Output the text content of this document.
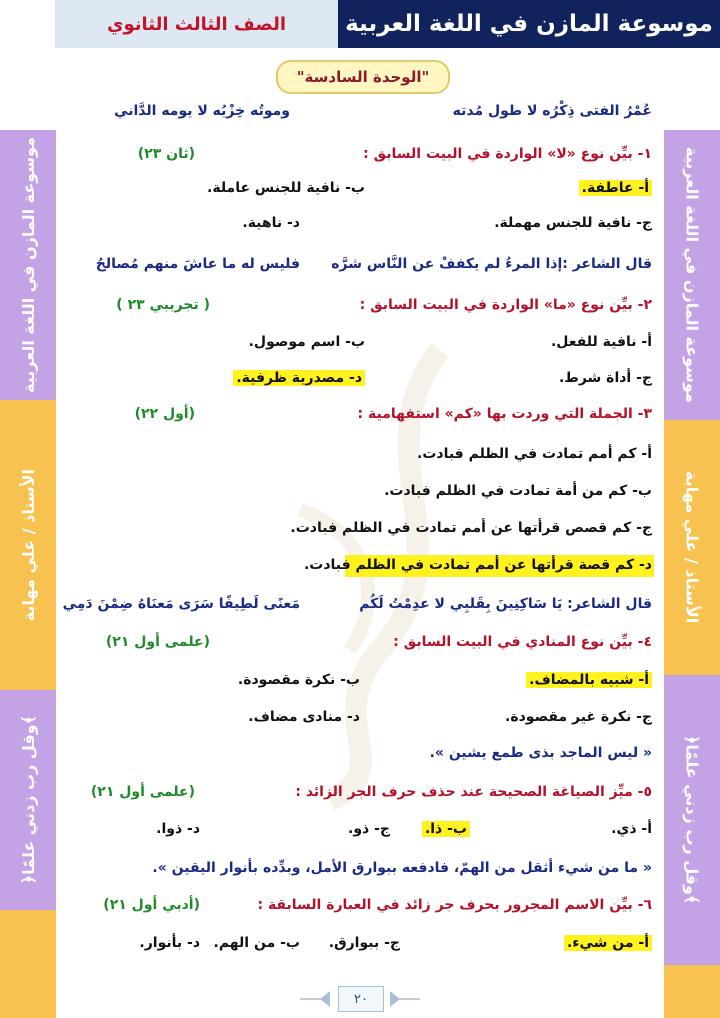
موسوعة المازن في اللغة العربية
الصف الثالث الثانوي
موسوعة المازن في اللغة العربية
الأستاذ / علي مهابة
﴿وقل رب زدني علمًا﴾
موسوعة المازن في اللغة العربية
الأستاذ / علي مهابة
﴿وقل رب زدني علمًا﴾
"الوحدة السادسة"
عُمْرُ الفتى ذِكْرُه لا طول مُدته
وموتُه خِزْيُه لا يومه الدَّاني
١- بيِّن نوع «لا» الواردة في البيت السابق :
(ثان ٢٣)
أ- عاطفة.
ب- نافية للجنس عاملة.
ج- نافية للجنس مهملة.
د- ناهية.
قال الشاعر :إذا المرءُ لم يكففْ عن النَّاس شرَّه
فليس له ما عاشَ منهم مُصالحُ
٢- بيِّن نوع «ما» الواردة في البيت السابق :
( تجريبي ٢٣ )
أ- نافية للفعل.
ب- اسم موصول.
ج- أداة شرط.
د- مصدرية ظرفية.
٣- الجملة التي وردت بها «كم» استفهامية :
(أول ٢٢)
أ- كم أمم تمادت في الظلم فبادت.
ب- كم من أمة تمادت في الظلم فبادت.
ج- كم قصص قرأتها عن أمم تمادت في الظلم فبادت.
د- كم قصة قرأتها عن أمم تمادت في الظلم فبادت.
قال الشاعر: يَا سَاكِنِينَ بِقَلبِي لا عدِمْتُ لَكُم
مَعنًى لَطِيفًا سَرَى مَعنَاهُ ضِمْنَ دَمِي
٤- بيِّن نوع المنادي في البيت السابق :
(علمى أول ٢١)
أ- شبيه بالمضاف.
ب- نكرة مقصودة.
ج- نكرة غير مقصودة.
د- منادى مضاف.
« ليس الماجد بذى طمع يشين ».
٥- ميِّز الصياغة الصحيحة عند حذف حرف الجر الزائد :
(علمى أول ٢١)
أ- ذي.
ب- ذا.
ج- ذو.
د- ذوا.
« ما من شيء أثقل من الهمّ، فادفعه ببوارق الأمل، وبدِّده بأنوار اليقين ».
٦- بيِّن الاسم المجرور بحرف جر زائد في العبارة السابقة :
(أدبي أول ٢١)
أ- من شيء.
ب- من الهم. ج- ببوارق.
د- بأنوار.
٢٠
